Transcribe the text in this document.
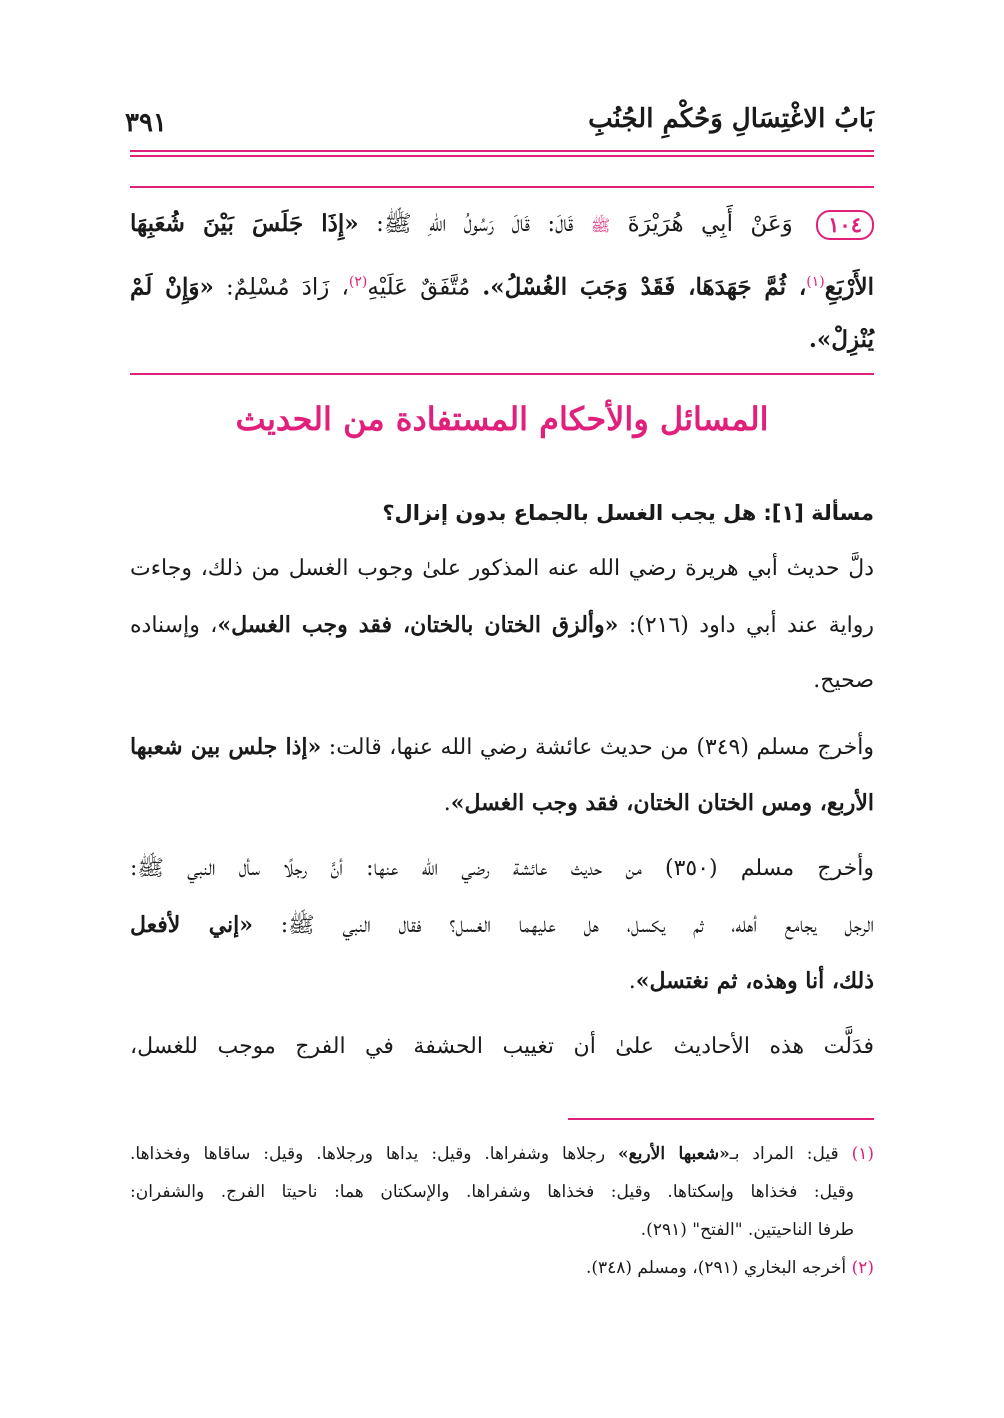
٣٩١	بَابُ الاغْتِسَالِ وَحُكْمِ الجُنُبِ
١٠٤ وَعَنْ أَبِي هُرَيْرَةَ ﷺ قَالَ: قَالَ رَسُولُ اللهِ ﷺ: «إِذَا جَلَسَ بَيْنَ شُعَبِهَا
الأَرْبَعِ$^{(١)}$، ثُمَّ جَهَدَهَا، فَقَدْ وَجَبَ الغُسْلُ». مُتَّفَقٌ عَلَيْهِ$^{(٢)}$، زَادَ مُسْلِمٌ: «وَإِنْ لَمْ
يُنْزِلْ».
المسائل والأحكام المستفادة من الحديث
مسألة [١]: هل يجب الغسل بالجماع بدون إنزال؟
دلَّ حديث أبي هريرة رضي الله عنه المذكور علىٰ وجوب الغسل من ذلك، وجاءت
رواية عند أبي داود (٢١٦): «وألزق الختان بالختان، فقد وجب الغسل»، وإسناده
صحيح.
وأخرج مسلم (٣٤٩) من حديث عائشة رضي الله عنها، قالت: «إذا جلس بين شعبها
الأربع، ومس الختان الختان، فقد وجب الغسل».
وأخرج مسلم (٣٥٠) من حديث عائشة رضي الله عنها: أنَّ رجلًا سأل النبي ﷺ:
الرجل يجامع أهله، ثم يكسل، هل عليهما الغسل؟ فقال النبي ﷺ: «إني لأفعل
ذلك، أنا وهذه، ثم نغتسل».
فدَلَّت هذه الأحاديث علىٰ أن تغييب الحشفة في الفرج موجب للغسل،
(١) قيل: المراد بـ«شعبها الأربع» رجلاها وشفراها. وقيل: يداها ورجلاها. وقيل: ساقاها وفخذاها.
وقيل: فخذاها وإسكتاها. وقيل: فخذاها وشفراها. والإسكتان هما: ناحيتا الفرج. والشفران:
طرفا الناحيتين. "الفتح" (٢٩١).
(٢) أخرجه البخاري (٢٩١)، ومسلم (٣٤٨).
